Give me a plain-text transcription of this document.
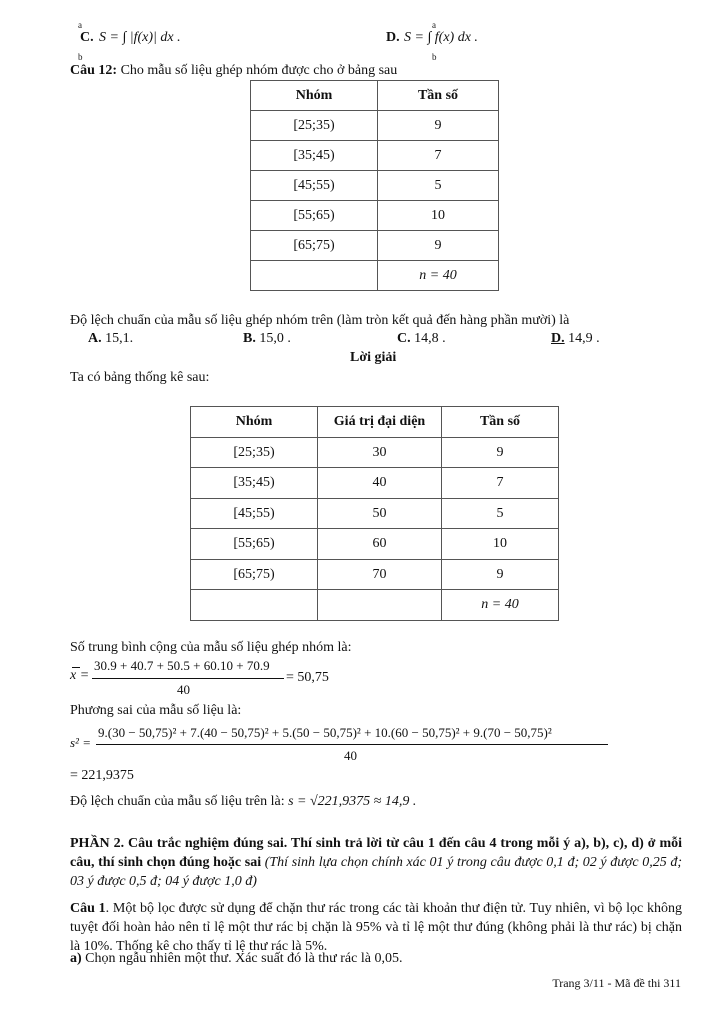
a
b
C. S = ∫ |f(x)| dx .
a
b
D. S = ∫ f(x) dx .
Câu 12: Cho mẫu số liệu ghép nhóm được cho ở bảng sau
Nhóm	Tần số
[25;35)	9
[35;45)	7
[45;55)	5
[55;65)	10
[65;75)	9
	n = 40
Độ lệch chuẩn của mẫu số liệu ghép nhóm trên (làm tròn kết quả đến hàng phần mười) là
A. 15,1.	B. 15,0 .	C. 14,8 .	D. 14,9 .
Lời giải
Ta có bảng thống kê sau:
Nhóm	Giá trị đại diện	Tần số
[25;35)	30	9
[35;45)	40	7
[45;55)	50	5
[55;65)	60	10
[65;75)	70	9
		n = 40
Số trung bình cộng của mẫu số liệu ghép nhóm là:
x =
30.9 + 40.7 + 50.5 + 60.10 + 70.9
40
= 50,75
Phương sai của mẫu số liệu là:
s² =
9.(30 − 50,75)² + 7.(40 − 50,75)² + 5.(50 − 50,75)² + 10.(60 − 50,75)² + 9.(70 − 50,75)²
40
= 221,9375
Độ lệch chuẩn của mẫu số liệu trên là: s = √221,9375 ≈ 14,9 .
PHẦN 2. Câu trắc nghiệm đúng sai. Thí sinh trả lời từ câu 1 đến câu 4 trong mỗi ý a), b), c), d) ở mỗi câu, thí sinh chọn đúng hoặc sai (Thí sinh lựa chọn chính xác 01 ý trong câu được 0,1 đ; 02 ý được 0,25 đ; 03 ý được 0,5 đ; 04 ý được 1,0 đ)
Câu 1. Một bộ lọc được sử dụng để chặn thư rác trong các tài khoản thư điện tử. Tuy nhiên, vì bộ lọc không tuyệt đối hoàn hảo nên tỉ lệ một thư rác bị chặn là 95% và tỉ lệ một thư đúng (không phải là thư rác) bị chặn là 10%. Thống kê cho thấy tỉ lệ thư rác là 5%.
a) Chọn ngẫu nhiên một thư. Xác suất đó là thư rác là 0,05.
Trang 3/11 - Mã đề thi 311
